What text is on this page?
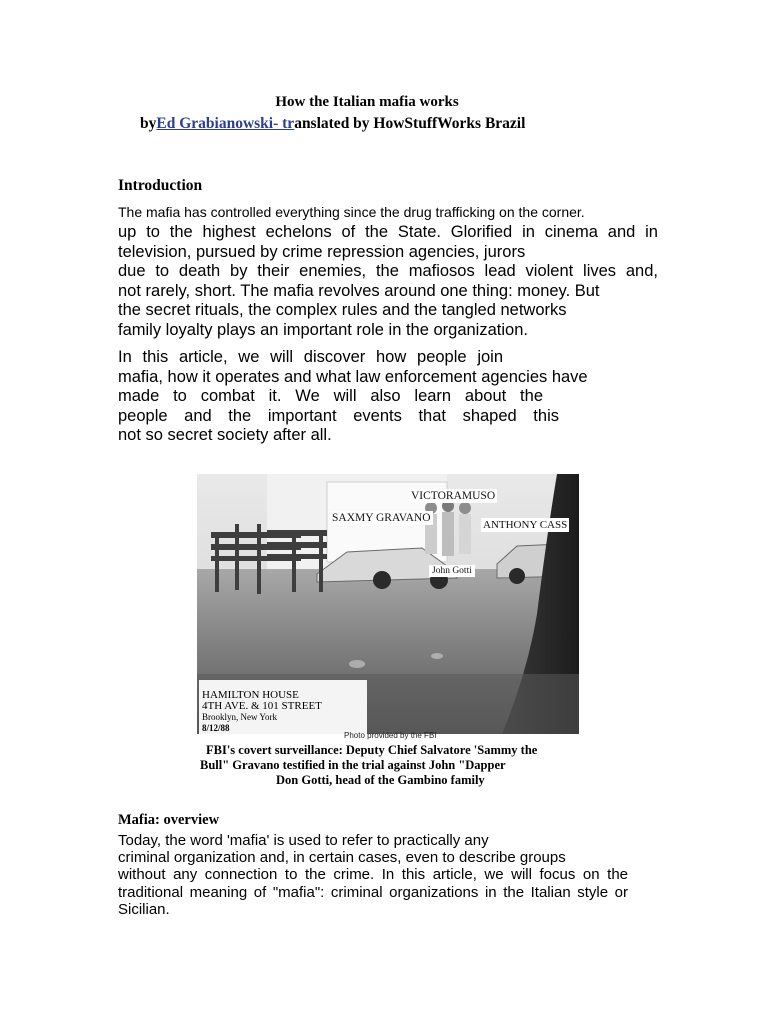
How the Italian mafia works
byEd Grabianowski- translated by HowStuffWorks Brazil
Introduction
The mafia has controlled everything since the drug trafficking on the corner.
up to the highest echelons of the State. Glorified in cinema and in
television, pursued by crime repression agencies, jurors
due to death by their enemies, the mafiosos lead violent lives and,
not rarely, short. The mafia revolves around one thing: money. But
the secret rituals, the complex rules and the tangled networks
family loyalty plays an important role in the organization.
In this article, we will discover how people join
mafia, how it operates and what law enforcement agencies have
made to combat it. We will also learn about the
people and the important events that shaped this
not so secret society after all.
VICTORAMUSO
SAXMY GRAVANO
ANTHONY CASS
John Gotti
HAMILTON HOUSE
4TH AVE. & 101 STREET
Brooklyn, New York
8/12/88
Photo provided by the FBI
FBI's covert surveillance: Deputy Chief Salvatore 'Sammy the
Bull" Gravano testified in the trial against John "Dapper
Don Gotti, head of the Gambino family
Mafia: overview
Today, the word 'mafia' is used to refer to practically any
criminal organization and, in certain cases, even to describe groups
without any connection to the crime. In this article, we will focus on the
traditional meaning of "mafia": criminal organizations in the Italian style or
Sicilian.
